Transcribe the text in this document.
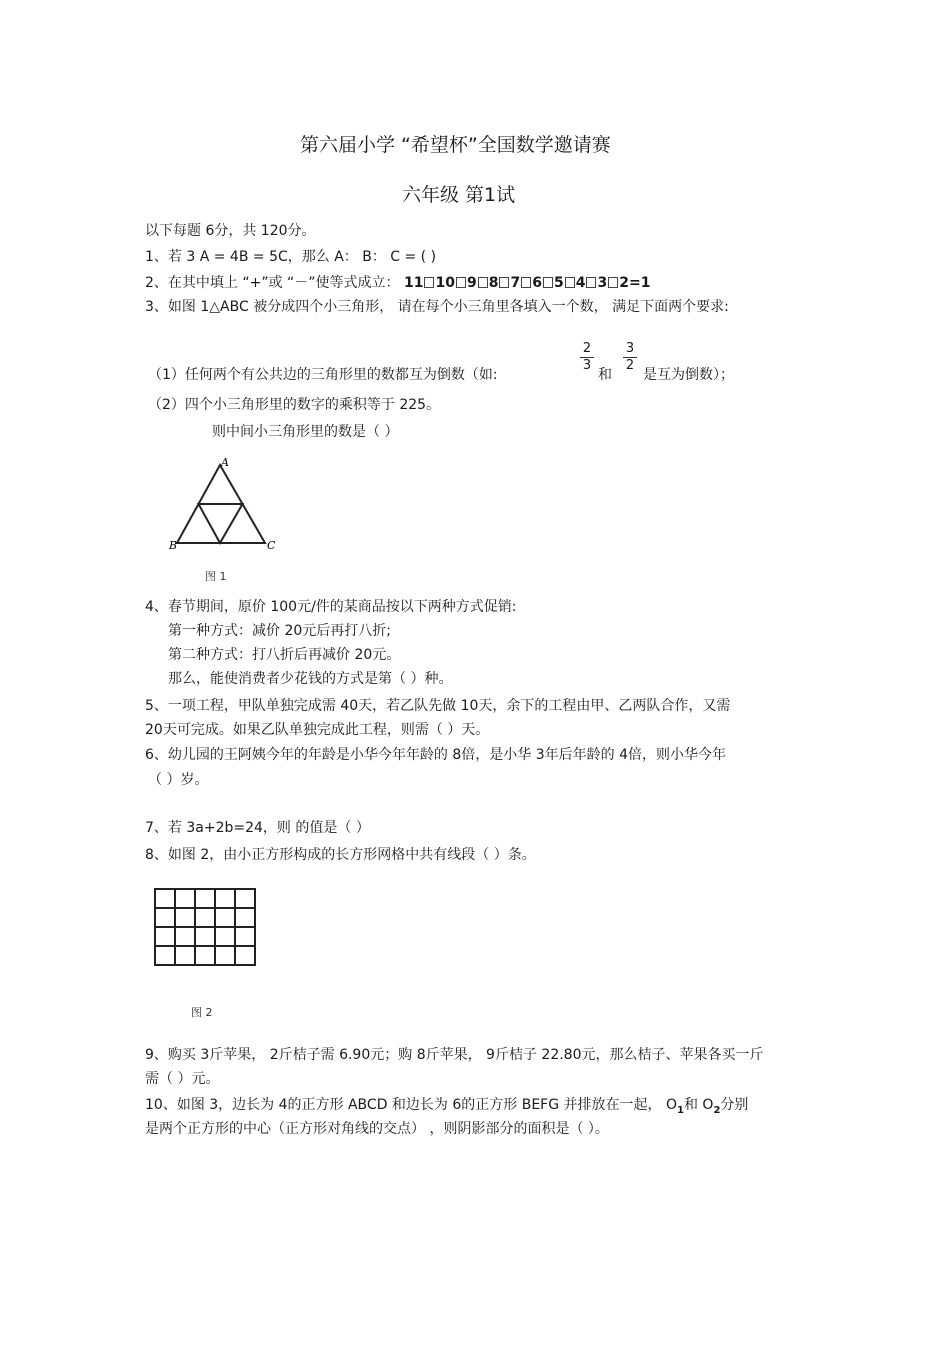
第六届小学 “希望杯”全国数学邀请赛
六年级 第1试
以下每题 6分，共 120分。
1、若 3 A = 4B = 5C，那么 A： B： C = ( )
2、在其中填上 “+”或 “－”使等式成立： 11 10 9 8 7 6 5 4 3 2=1
3、如图 1△ABC 被分成四个小三角形， 请在每个小三角里各填入一个数， 满足下面两个要求:
（1）任何两个有公共边的三角形里的数都互为倒数（如:
2
3
和
3
2
是互为倒数）；
（2）四个小三角形里的数字的乘积等于 225。
则中间小三角形里的数是（ ）
A
B	C
图 1
4、春节期间，原价 100元/件的某商品按以下两种方式促销:
第一种方式：减价 20元后再打八折;
第二种方式：打八折后再减价 20元。
那么，能使消费者少花钱的方式是第（ ）种。
5、一项工程，甲队单独完成需 40天，若乙队先做 10天，余下的工程由甲、乙两队合作，又需
20天可完成。如果乙队单独完成此工程，则需（ ）天。
6、幼儿园的王阿姨今年的年龄是小华今年年龄的 8倍，是小华 3年后年龄的 4倍，则小华今年
（ ）岁。
7、若 3a+2b=24，则 的值是（ ）
8、如图 2，由小正方形构成的长方形网格中共有线段（ ）条。
图 2
9、购买 3斤苹果， 2斤桔子需 6.90元；购 8斤苹果， 9斤桔子 22.80元，那么桔子、苹果各买一斤
需（ ）元。
10、如图 3，边长为 4的正方形 ABCD 和边长为 6的正方形 BEFG 并排放在一起， $O_1$和 $O_2$分别
是两个正方形的中心（正方形对角线的交点） ，则阴影部分的面积是（ ）。
